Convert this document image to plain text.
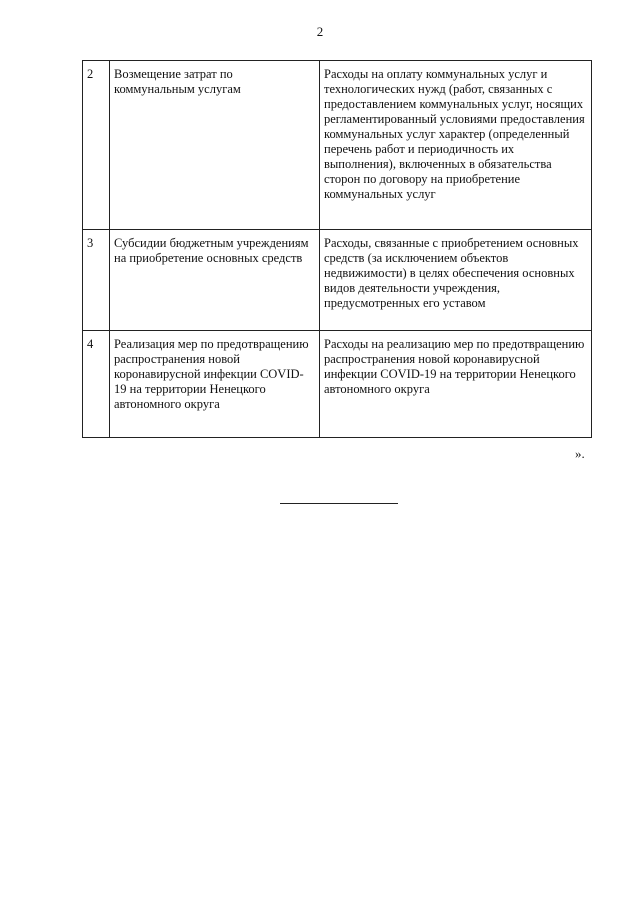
2
2	Возмещение затрат по коммунальным услугам	Расходы на оплату коммунальных услуг и технологических нужд (работ, связанных с предоставлением коммунальных услуг, носящих регламентированный условиями предоставления коммунальных услуг характер (определенный перечень работ и периодичность их выполнения), включенных в обязательства сторон по договору на приобретение коммунальных услуг
3	Субсидии бюджетным учреждениям на приобретение основных средств	Расходы, связанные с приобретением основных средств (за исключением объектов недвижимости) в целях обеспечения основных видов деятельности учреждения, предусмотренных его уставом
4	Реализация мер по предотвращению распространения новой коронавирусной инфекции COVID-19 на территории Ненецкого автономного округа	Расходы на реализацию мер по предотвращению распространения новой коронавирусной инфекции COVID-19 на территории Ненецкого автономного округа
».
